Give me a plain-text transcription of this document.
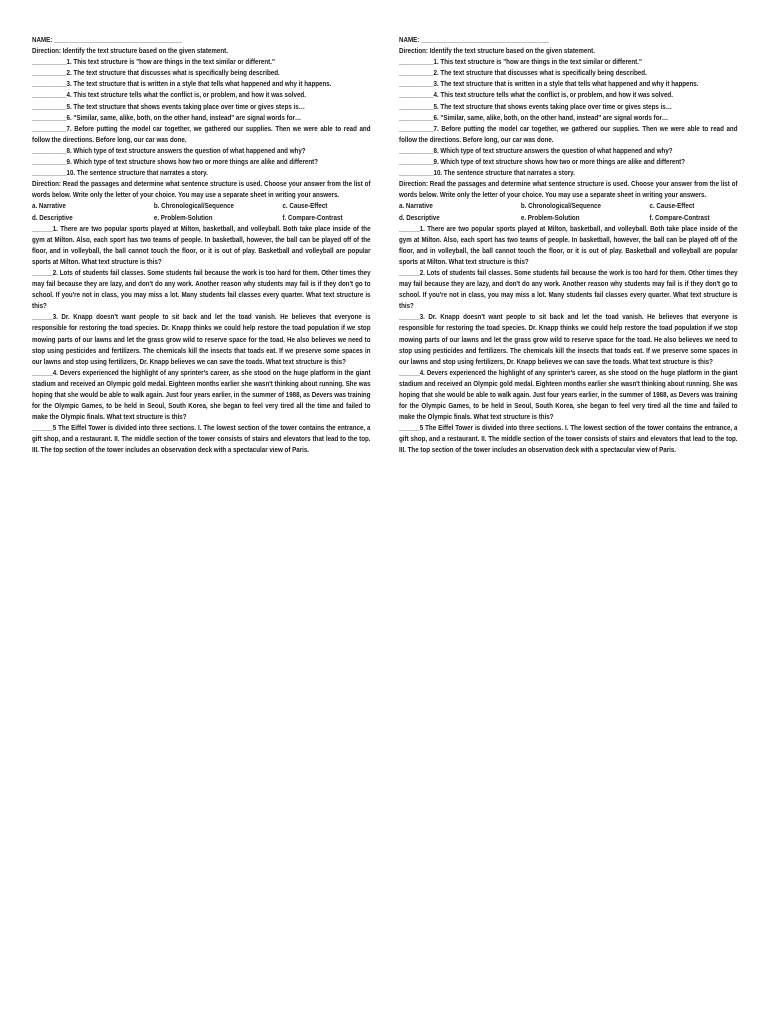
NAME: _____________________________________
Direction: Identify the text structure based on the given statement.
__________1. This text structure is "how are things in the text similar or different."
__________2. The text structure that discusses what is specifically being described.
__________3. The text structure that is written in a style that tells what happened and why it happens.
__________4. This text structure tells what the conflict is, or problem, and how it was solved.
__________5. The text structure that shows events taking place over time or gives steps is…
__________6. "Similar, same, alike, both, on the other hand, instead" are signal words for…
__________7. Before putting the model car together, we gathered our supplies. Then we were able to read and follow the directions. Before long, our car was done.
__________8. Which type of text structure answers the question of what happened and why?
__________9. Which type of text structure shows how two or more things are alike and different?
__________10. The sentence structure that narrates a story.
Direction: Read the passages and determine what sentence structure is used. Choose your answer from the list of words below. Write only the letter of your choice. You may use a separate sheet in writing your answers.
a. Narrative	b. Chronological/Sequence	c. Cause-Effect
d. Descriptive	e. Problem-Solution	f. Compare-Contrast
______1. There are two popular sports played at Milton, basketball, and volleyball. Both take place inside of the gym at Milton. Also, each sport has two teams of people. In basketball, however, the ball can be played off of the floor, and in volleyball, the ball cannot touch the floor, or it is out of play. Basketball and volleyball are popular sports at Milton. What text structure is this?
______2. Lots of students fail classes. Some students fail because the work is too hard for them. Other times they may fail because they are lazy, and don't do any work. Another reason why students may fail is if they don't go to school. If you're not in class, you may miss a lot. Many students fail classes every quarter. What text structure is this?
______3. Dr. Knapp doesn't want people to sit back and let the toad vanish. He believes that everyone is responsible for restoring the toad species. Dr. Knapp thinks we could help restore the toad population if we stop mowing parts of our lawns and let the grass grow wild to reserve space for the toad. He also believes we need to stop using pesticides and fertilizers. The chemicals kill the insects that toads eat. If we preserve some spaces in our lawns and stop using fertilizers, Dr. Knapp believes we can save the toads. What text structure is this?
______4. Devers experienced the highlight of any sprinter's career, as she stood on the huge platform in the giant stadium and received an Olympic gold medal. Eighteen months earlier she wasn't thinking about running. She was hoping that she would be able to walk again. Just four years earlier, in the summer of 1988, as Devers was training for the Olympic Games, to be held in Seoul, South Korea, she began to feel very tired all the time and failed to make the Olympic finals. What text structure is this?
______5 The Eiffel Tower is divided into three sections. I. The lowest section of the tower contains the entrance, a gift shop, and a restaurant. II. The middle section of the tower consists of stairs and elevators that lead to the top. III. The top section of the tower includes an observation deck with a spectacular view of Paris.
NAME: _____________________________________
Direction: Identify the text structure based on the given statement.
__________1. This text structure is "how are things in the text similar or different."
__________2. The text structure that discusses what is specifically being described.
__________3. The text structure that is written in a style that tells what happened and why it happens.
__________4. This text structure tells what the conflict is, or problem, and how it was solved.
__________5. The text structure that shows events taking place over time or gives steps is…
__________6. "Similar, same, alike, both, on the other hand, instead" are signal words for…
__________7. Before putting the model car together, we gathered our supplies. Then we were able to read and follow the directions. Before long, our car was done.
__________8. Which type of text structure answers the question of what happened and why?
__________9. Which type of text structure shows how two or more things are alike and different?
__________10. The sentence structure that narrates a story.
Direction: Read the passages and determine what sentence structure is used. Choose your answer from the list of words below. Write only the letter of your choice. You may use a separate sheet in writing your answers.
a. Narrative	b. Chronological/Sequence	c. Cause-Effect
d. Descriptive	e. Problem-Solution	f. Compare-Contrast
______1. There are two popular sports played at Milton, basketball, and volleyball. Both take place inside of the gym at Milton. Also, each sport has two teams of people. In basketball, however, the ball can be played off of the floor, and in volleyball, the ball cannot touch the floor, or it is out of play. Basketball and volleyball are popular sports at Milton. What text structure is this?
______2. Lots of students fail classes. Some students fail because the work is too hard for them. Other times they may fail because they are lazy, and don't do any work. Another reason why students may fail is if they don't go to school. If you're not in class, you may miss a lot. Many students fail classes every quarter. What text structure is this?
______3. Dr. Knapp doesn't want people to sit back and let the toad vanish. He believes that everyone is responsible for restoring the toad species. Dr. Knapp thinks we could help restore the toad population if we stop mowing parts of our lawns and let the grass grow wild to reserve space for the toad. He also believes we need to stop using pesticides and fertilizers. The chemicals kill the insects that toads eat. If we preserve some spaces in our lawns and stop using fertilizers, Dr. Knapp believes we can save the toads. What text structure is this?
______4. Devers experienced the highlight of any sprinter's career, as she stood on the huge platform in the giant stadium and received an Olympic gold medal. Eighteen months earlier she wasn't thinking about running. She was hoping that she would be able to walk again. Just four years earlier, in the summer of 1988, as Devers was training for the Olympic Games, to be held in Seoul, South Korea, she began to feel very tired all the time and failed to make the Olympic finals. What text structure is this?
______5 The Eiffel Tower is divided into three sections. I. The lowest section of the tower contains the entrance, a gift shop, and a restaurant. II. The middle section of the tower consists of stairs and elevators that lead to the top. III. The top section of the tower includes an observation deck with a spectacular view of Paris.
